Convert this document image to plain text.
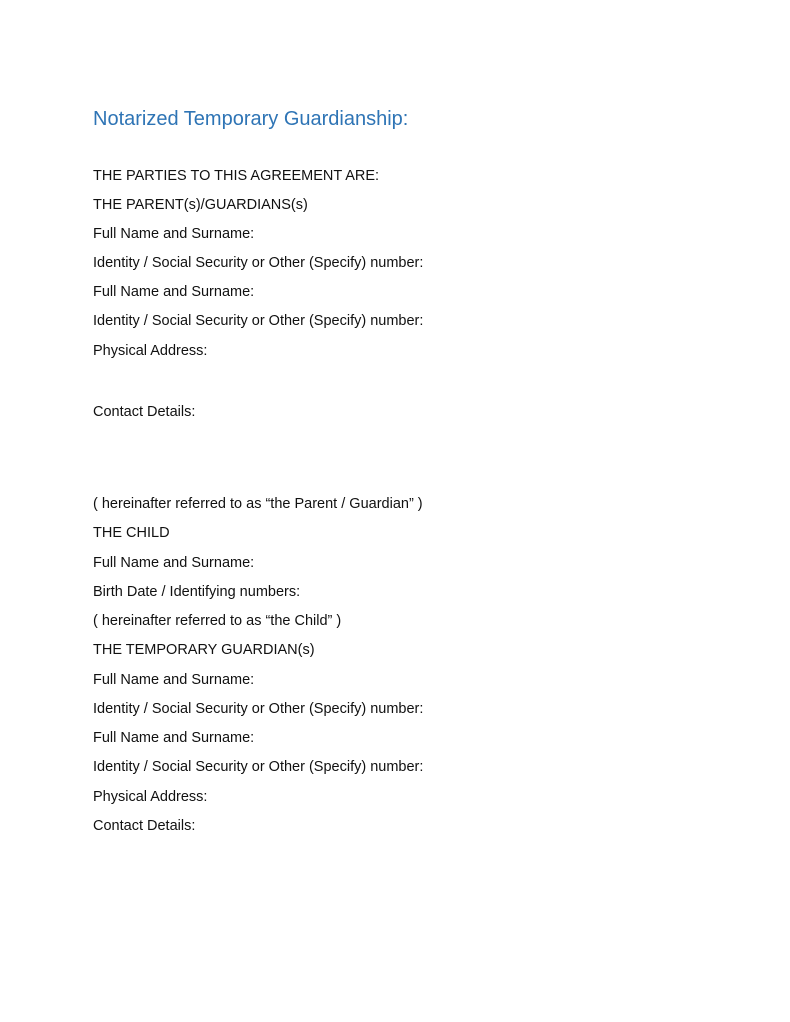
Notarized Temporary Guardianship:
THE PARTIES TO THIS AGREEMENT ARE:
THE PARENT(s)/GUARDIANS(s)
Full Name and Surname:
Identity / Social Security or Other (Specify) number:
Full Name and Surname:
Identity / Social Security or Other (Specify) number:
Physical Address:
Contact Details:
( hereinafter referred to as “the Parent / Guardian” )
THE CHILD
Full Name and Surname:
Birth Date / Identifying numbers:
( hereinafter referred to as “the Child” )
THE TEMPORARY GUARDIAN(s)
Full Name and Surname:
Identity / Social Security or Other (Specify) number:
Full Name and Surname:
Identity / Social Security or Other (Specify) number:
Physical Address:
Contact Details:
